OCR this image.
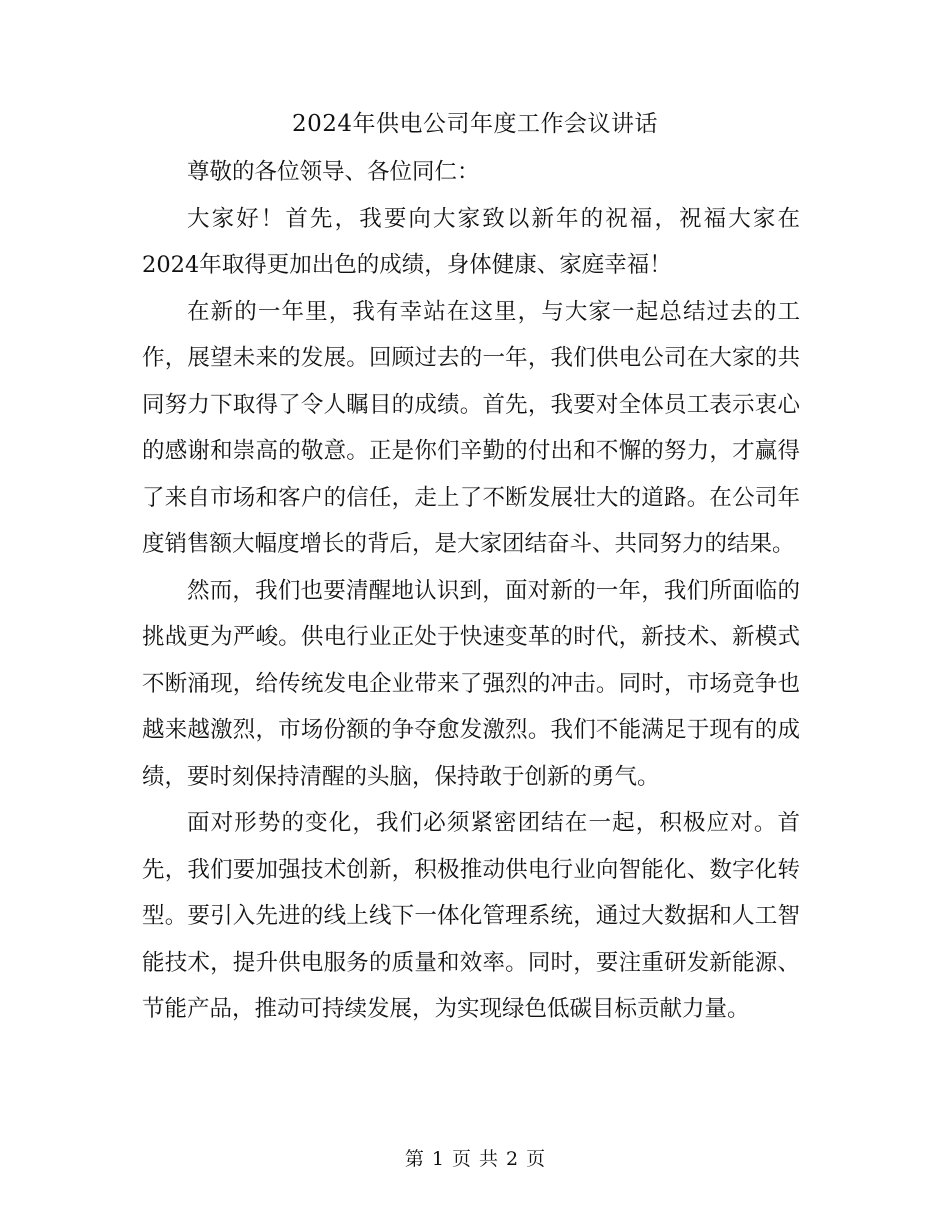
2024年供电公司年度工作会议讲话

尊敬的各位领导、各位同仁：

大家好！首先，我要向大家致以新年的祝福，祝福大家在2024年取得更加出色的成绩，身体健康、家庭幸福！

在新的一年里，我有幸站在这里，与大家一起总结过去的工作，展望未来的发展。回顾过去的一年，我们供电公司在大家的共同努力下取得了令人瞩目的成绩。首先，我要对全体员工表示衷心的感谢和崇高的敬意。正是你们辛勤的付出和不懈的努力，才赢得了来自市场和客户的信任，走上了不断发展壮大的道路。在公司年度销售额大幅度增长的背后，是大家团结奋斗、共同努力的结果。

然而，我们也要清醒地认识到，面对新的一年，我们所面临的挑战更为严峻。供电行业正处于快速变革的时代，新技术、新模式不断涌现，给传统发电企业带来了强烈的冲击。同时，市场竞争也越来越激烈，市场份额的争夺愈发激烈。我们不能满足于现有的成绩，要时刻保持清醒的头脑，保持敢于创新的勇气。

面对形势的变化，我们必须紧密团结在一起，积极应对。首先，我们要加强技术创新，积极推动供电行业向智能化、数字化转型。要引入先进的线上线下一体化管理系统，通过大数据和人工智能技术，提升供电服务的质量和效率。同时，要注重研发新能源、节能产品，推动可持续发展，为实现绿色低碳目标贡献力量。

第 1 页 共 2 页
